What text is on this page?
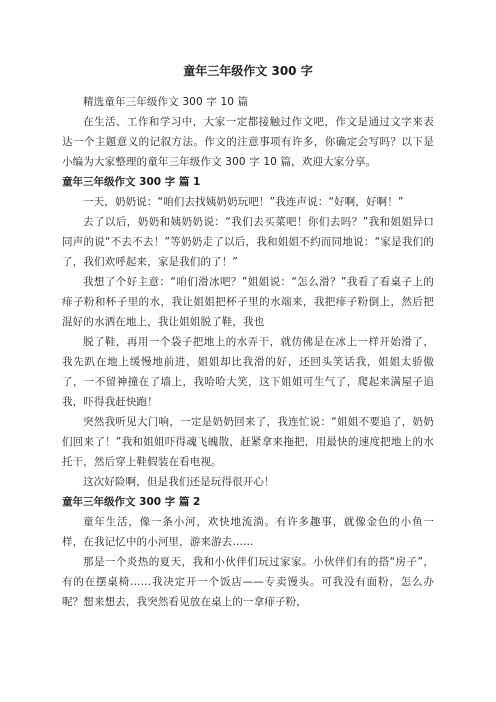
童年三年级作文 300 字

精选童年三年级作文 300 字 10 篇

在生活、工作和学习中，大家一定都接触过作文吧，作文是通过文字来表达一个主题意义的记叙方法。作文的注意事项有许多，你确定会写吗？以下是小编为大家整理的童年三年级作文 300 字 10 篇，欢迎大家分享。

童年三年级作文 300 字 篇 1

一天，奶奶说：“咱们去找姨奶奶玩吧！”我连声说：“好啊，好啊！”

去了以后，奶奶和姨奶奶说：“我们去买菜吧！你们去吗？”我和姐姐异口同声的说“不去不去！”等奶奶走了以后，我和姐姐不约而同地说：“家是我们的了，我们欢呼起来，家是我们的了！”

我想了个好主意：“咱们滑冰吧？”姐姐说：“怎么滑？”我看了看桌子上的痱子粉和杯子里的水，我让姐姐把杯子里的水端来，我把痱子粉倒上，然后把混好的水洒在地上，我让姐姐脱了鞋，我也

脱了鞋，再用一个袋子把地上的水弄干，就仿佛是在冰上一样开始滑了，我先趴在地上缓慢地前进，姐姐却比我滑的好，还回头笑话我，姐姐太骄傲了，一不留神撞在了墙上，我哈哈大笑，这下姐姐可生气了，爬起来满屋子追我，吓得我赶快跑！

突然我听见大门响，一定是奶奶回来了，我连忙说：“姐姐不要追了，奶奶们回来了！”我和姐姐吓得魂飞魄散，赶紧拿来拖把，用最快的速度把地上的水托干，然后穿上鞋假装在看电视。

这次好险啊，但是我们还是玩得很开心！

童年三年级作文 300 字 篇 2

童年生活，像一条小河，欢快地流淌。有许多趣事，就像金色的小鱼一样，在我记忆中的小河里，游来游去……

那是一个炎热的夏天，我和小伙伴们玩过家家。小伙伴们有的搭“房子”，有的在摆桌椅……我决定开一个饭店——专卖馒头。可我没有面粉，怎么办呢？想来想去，我突然看见放在桌上的一拿痱子粉，
